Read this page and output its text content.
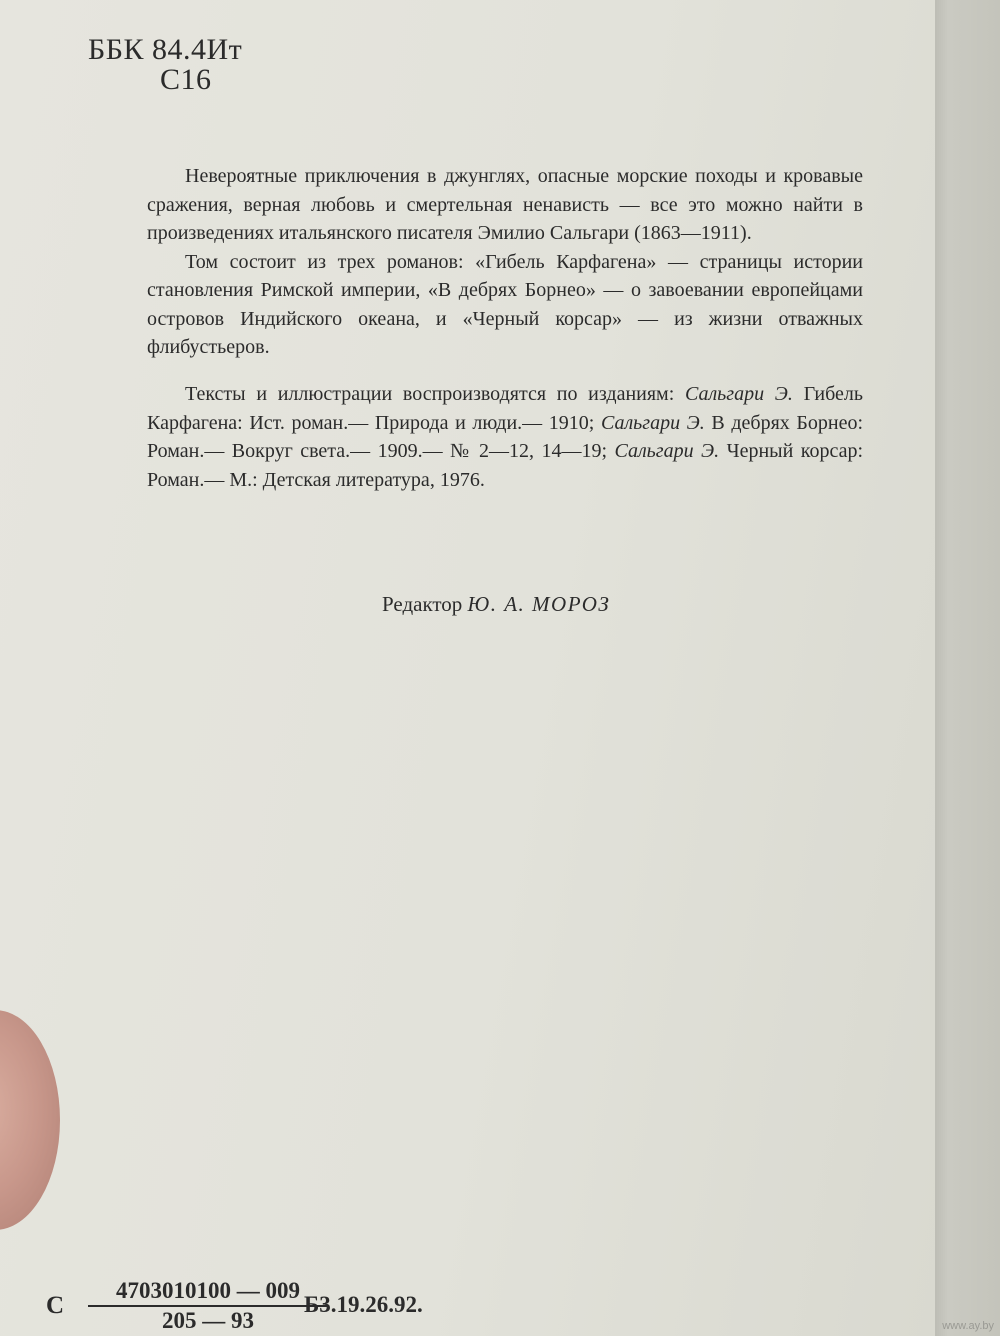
ББК 84.4Ит
С16

Невероятные приключения в джунглях, опасные морские походы и кровавые сражения, верная любовь и смертельная ненависть — все это можно найти в произведениях итальянского писателя Эмилио Сальгари (1863—1911).

Том состоит из трех романов: «Гибель Карфагена» — страницы истории становления Римской империи, «В дебрях Борнео» — о завоевании европейцами островов Индийского океана, и «Черный корсар» — из жизни отважных флибустьеров.

Тексты и иллюстрации воспроизводятся по изданиям: Сальгари Э. Гибель Карфагена: Ист. роман.— Природа и люди.— 1910; Сальгари Э. В дебрях Борнео: Роман.— Вокруг света.— 1909.— № 2—12, 14—19; Сальгари Э. Черный корсар: Роман.— М.: Детская литература, 1976.

Редактор Ю. А. МОРОЗ
С
4703010100 — 009
205 — 93
Б3.19.26.92.
www.ay.by
